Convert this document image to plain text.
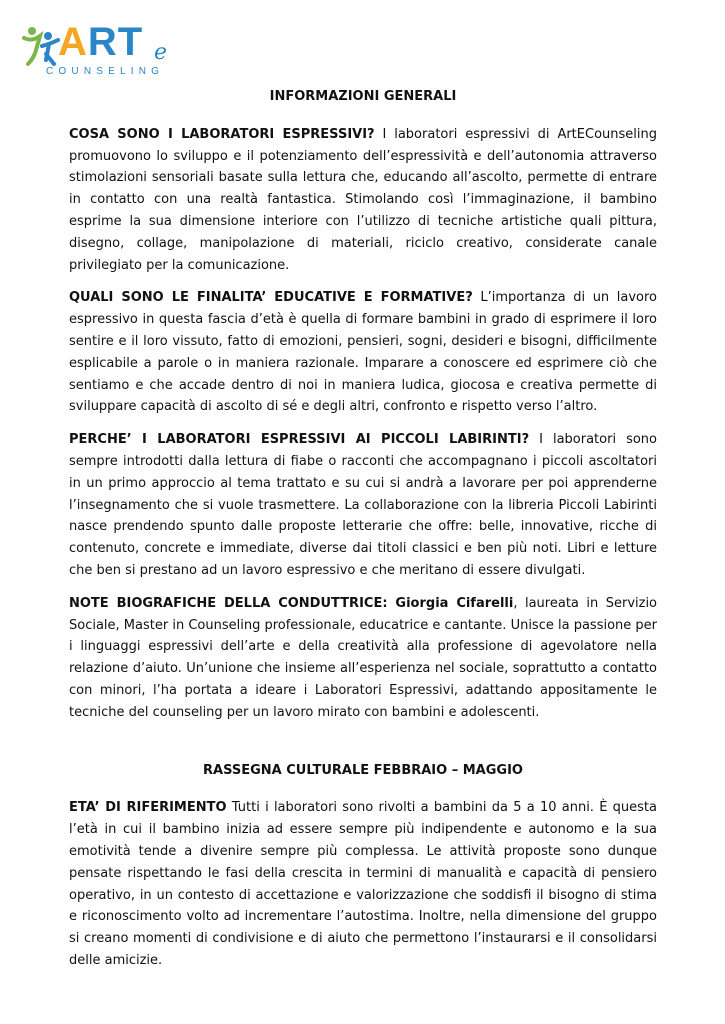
ART e
COUNSELING

INFORMAZIONI GENERALI

COSA SONO I LABORATORI ESPRESSIVI? I laboratori espressivi di ArtECounseling promuovono lo sviluppo e il potenziamento dell’espressività e dell’autonomia attraverso stimolazioni sensoriali basate sulla lettura che, educando all’ascolto, permette di entrare in contatto con una realtà fantastica. Stimolando così l’immaginazione, il bambino esprime la sua dimensione interiore con l’utilizzo di tecniche artistiche quali pittura, disegno, collage, manipolazione di materiali, riciclo creativo, considerate canale privilegiato per la comunicazione.

QUALI SONO LE FINALITA’ EDUCATIVE E FORMATIVE? L’importanza di un lavoro espressivo in questa fascia d’età è quella di formare bambini in grado di esprimere il loro sentire e il loro vissuto, fatto di emozioni, pensieri, sogni, desideri e bisogni, difficilmente esplicabile a parole o in maniera razionale. Imparare a conoscere ed esprimere ciò che sentiamo e che accade dentro di noi in maniera ludica, giocosa e creativa permette di sviluppare capacità di ascolto di sé e degli altri, confronto e rispetto verso l’altro.

PERCHE’ I LABORATORI ESPRESSIVI AI PICCOLI LABIRINTI? I laboratori sono sempre introdotti dalla lettura di fiabe o racconti che accompagnano i piccoli ascoltatori in un primo approccio al tema trattato e su cui si andrà a lavorare per poi apprenderne l’insegnamento che si vuole trasmettere. La collaborazione con la libreria Piccoli Labirinti nasce prendendo spunto dalle proposte letterarie che offre: belle, innovative, ricche di contenuto, concrete e immediate, diverse dai titoli classici e ben più noti. Libri e letture che ben si prestano ad un lavoro espressivo e che meritano di essere divulgati.

NOTE BIOGRAFICHE DELLA CONDUTTRICE: Giorgia Cifarelli, laureata in Servizio Sociale, Master in Counseling professionale, educatrice e cantante. Unisce la passione per i linguaggi espressivi dell’arte e della creatività alla professione di agevolatore nella relazione d’aiuto. Un’unione che insieme all’esperienza nel sociale, soprattutto a contatto con minori, l’ha portata a ideare i Laboratori Espressivi, adattando appositamente le tecniche del counseling per un lavoro mirato con bambini e adolescenti.

RASSEGNA CULTURALE FEBBRAIO – MAGGIO

ETA’ DI RIFERIMENTO Tutti i laboratori sono rivolti a bambini da 5 a 10 anni. È questa l’età in cui il bambino inizia ad essere sempre più indipendente e autonomo e la sua emotività tende a divenire sempre più complessa. Le attività proposte sono dunque pensate rispettando le fasi della crescita in termini di manualità e capacità di pensiero operativo, in un contesto di accettazione e valorizzazione che soddisfi il bisogno di stima e riconoscimento volto ad incrementare l’autostima. Inoltre, nella dimensione del gruppo si creano momenti di condivisione e di aiuto che permettono l’instaurarsi e il consolidarsi delle amicizie.
